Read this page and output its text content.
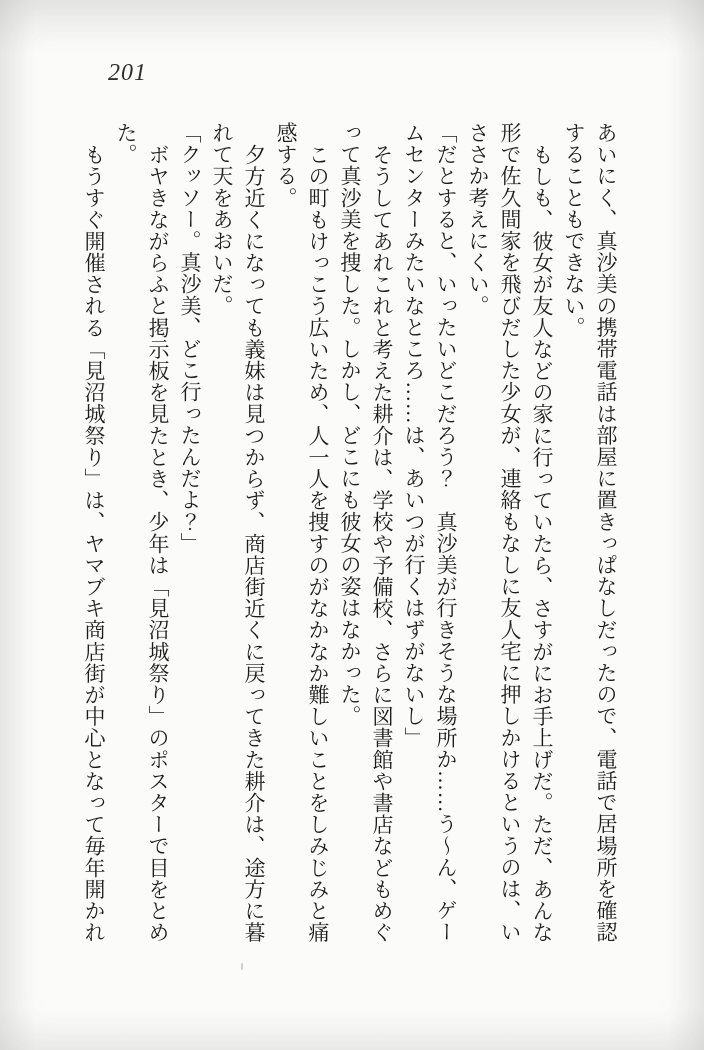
201

あいにく、真沙美の携帯電話は部屋に置きっぱなしだったので、電話で居場所を確認することもできない。

もしも、彼女が友人などの家に行っていたら、さすがにお手上げだ。ただ、あんな形で佐久間家を飛びだした少女が、連絡もなしに友人宅に押しかけるというのは、いささか考えにくい。

「だとすると、いったいどこだろう？　真沙美が行きそうな場所か……う～ん、ゲームセンターみたいなところ……は、あいつが行くはずがないし」

そうしてあれこれと考えた耕介は、学校や予備校、さらに図書館や書店などもめぐって真沙美を捜した。しかし、どこにも彼女の姿はなかった。

この町もけっこう広いため、人一人を捜すのがなかなか難しいことをしみじみと痛感する。

夕方近くになっても義妹は見つからず、商店街近くに戻ってきた耕介は、途方に暮れて天をあおいだ。

「クッソー。真沙美、どこ行ったんだよ？」

ボヤきながらふと掲示板を見たとき、少年は「見沼城祭り」のポスターで目をとめた。

もうすぐ開催される「見沼城祭り」は、ヤマブキ商店街が中心となって毎年開かれ
